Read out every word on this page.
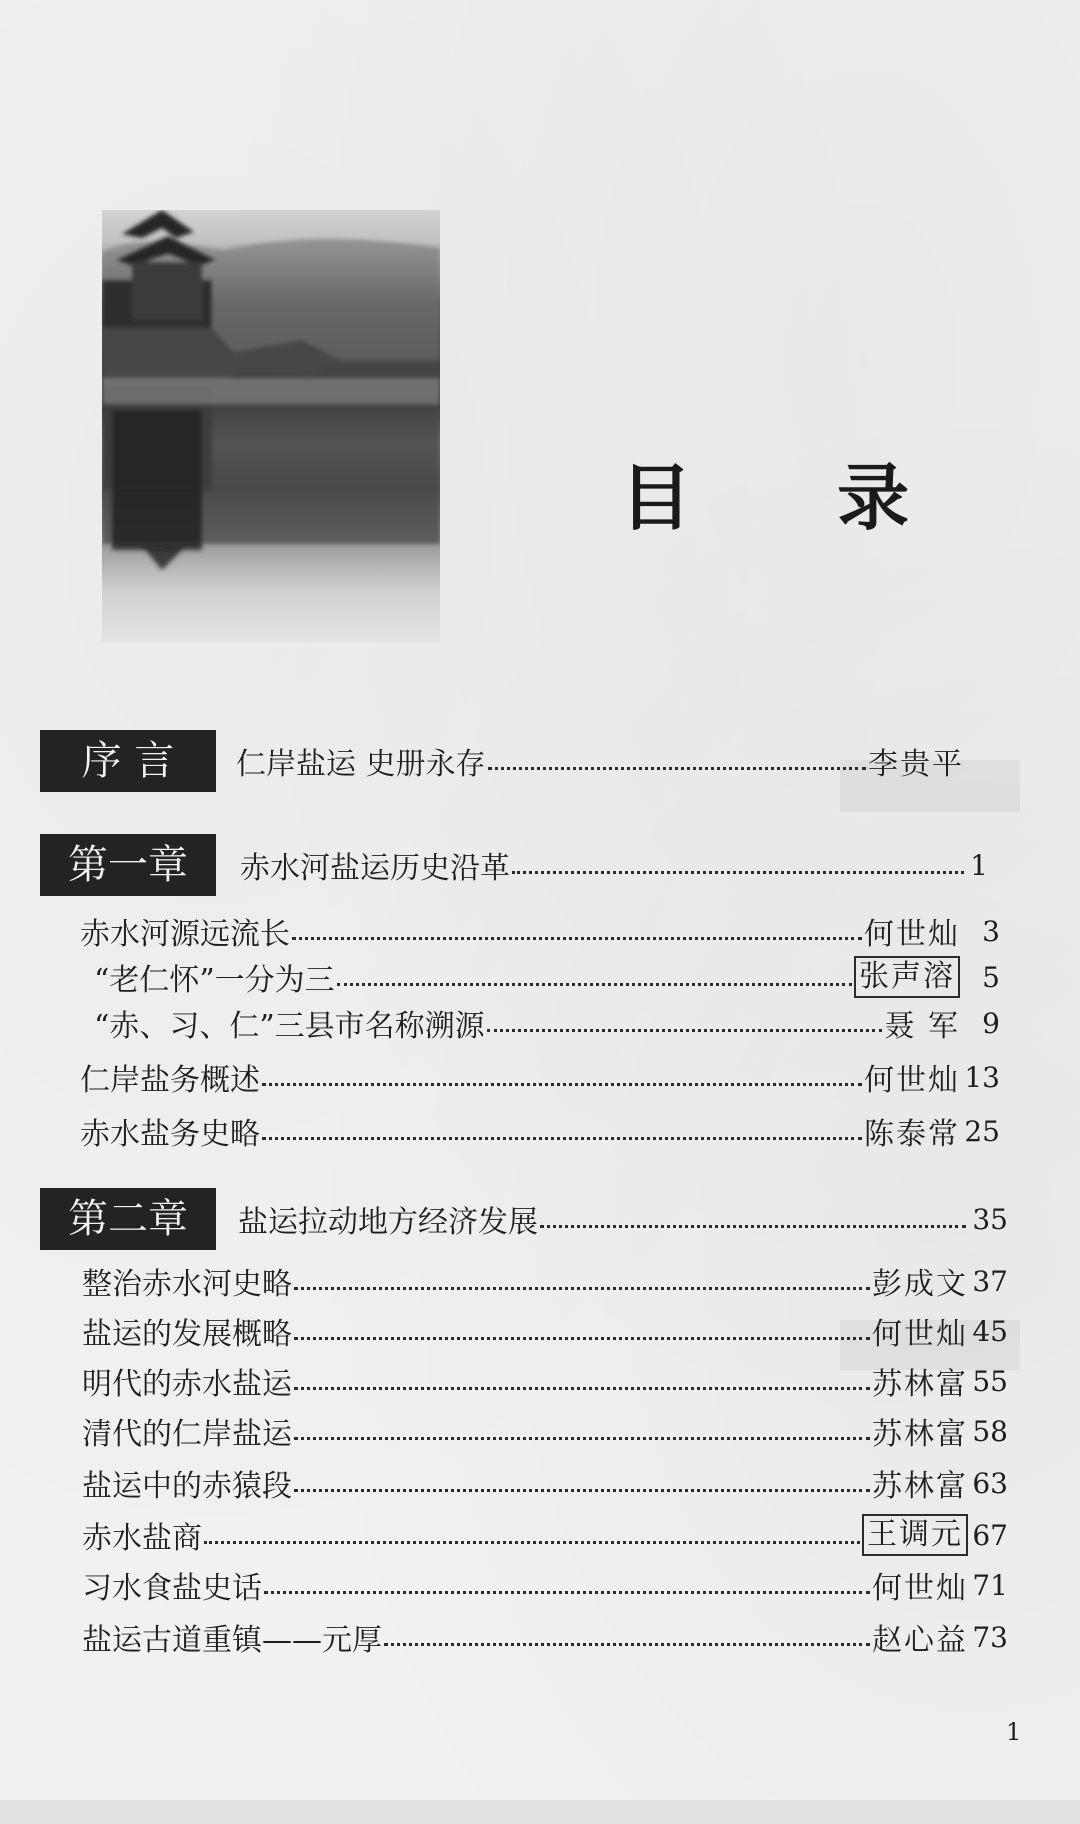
目 录
序 言	仁岸盐运 史册永存	李贵平
第一章	赤水河盐运历史沿革	1
赤水河源远流长	何世灿 3
“老仁怀”一分为三	张声溶 5
“赤、习、仁”三县市名称溯源	聂 军 9
仁岸盐务概述	何世灿 13
赤水盐务史略	陈泰常 25
第二章	盐运拉动地方经济发展	35
整治赤水河史略	彭成文 37
盐运的发展概略	何世灿 45
明代的赤水盐运	苏林富 55
清代的仁岸盐运	苏林富 58
盐运中的赤猿段	苏林富 63
赤水盐商	王调元 67
习水食盐史话	何世灿 71
盐运古道重镇——元厚	赵心益 73
1
